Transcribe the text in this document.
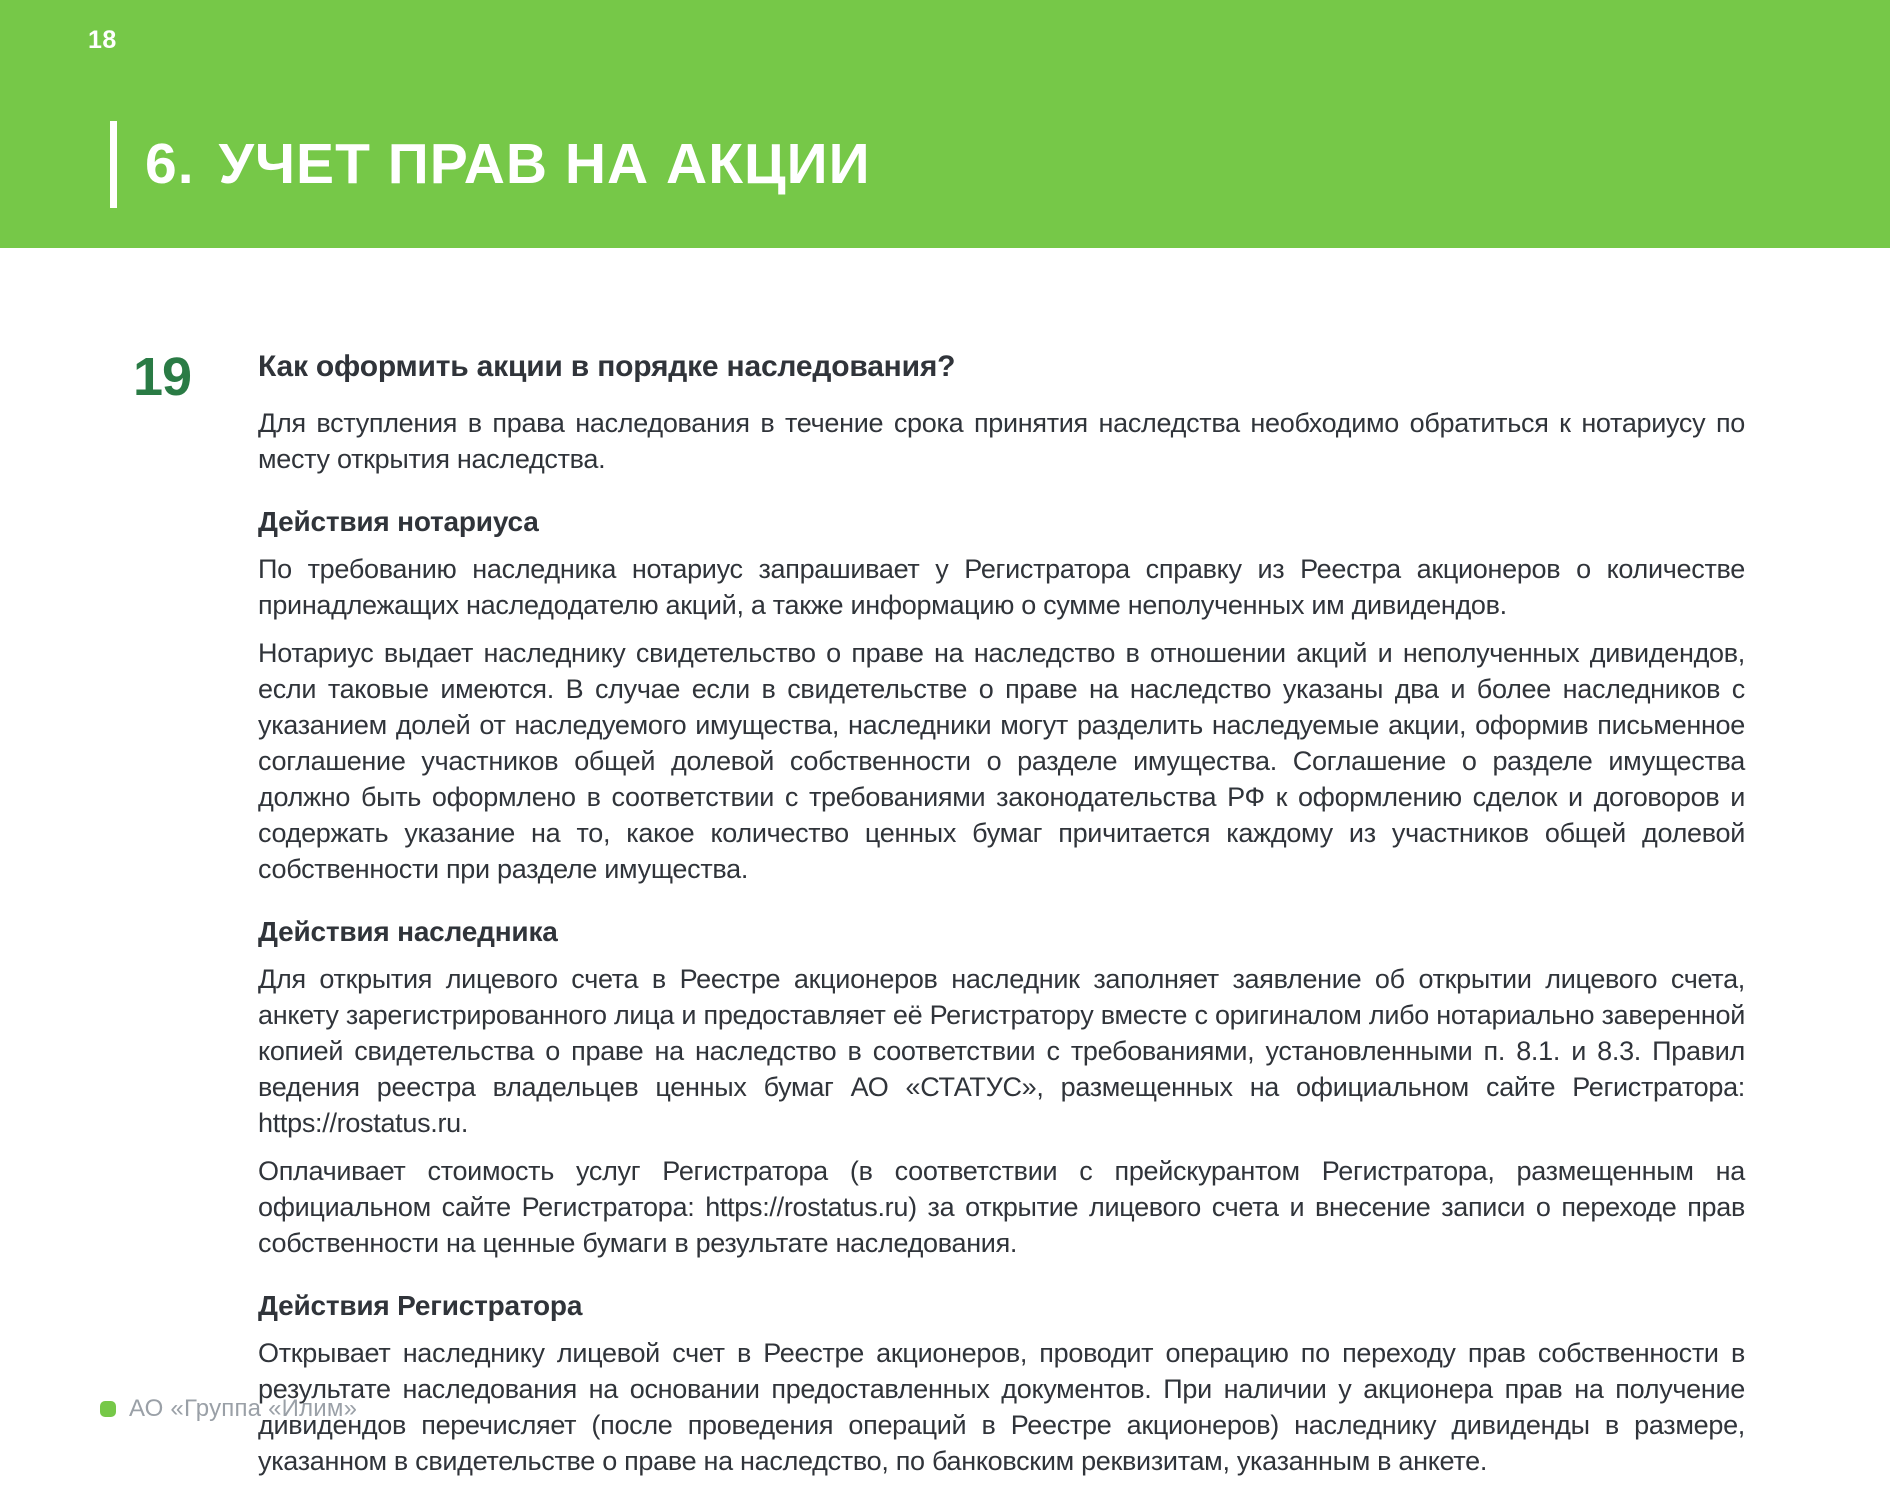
18
6. УЧЕТ ПРАВ НА АКЦИИ
19	Как оформить акции в порядке наследования?

Для вступления в права наследования в течение срока принятия наследства необходимо обратиться к нотариусу по месту открытия наследства.

Действия нотариуса

По требованию наследника нотариус запрашивает у Регистратора справку из Реестра акционеров о количестве принадлежащих наследодателю акций, а также информацию о сумме неполученных им дивидендов.

Нотариус выдает наследнику свидетельство о праве на наследство в отношении акций и неполученных дивидендов, если таковые имеются. В случае если в свидетельстве о праве на наследство указаны два и более наследников с указанием долей от наследуемого имущества, наследники могут разделить наследуемые акции, оформив письменное соглашение участников общей долевой собственности о разделе имущества. Соглашение о разделе имущества должно быть оформлено в соответствии с требованиями законодательства РФ к оформлению сделок и договоров и содержать указание на то, какое количество ценных бумаг причитается каждому из участников общей долевой собственности при разделе имущества.

Действия наследника

Для открытия лицевого счета в Реестре акционеров наследник заполняет заявление об открытии лицевого счета, анкету зарегистрированного лица и предоставляет её Регистратору вместе с оригиналом либо нотариально заверенной копией свидетельства о праве на наследство в соответствии с требованиями, установленными п. 8.1. и 8.3. Правил ведения реестра владельцев ценных бумаг АО «СТАТУС», размещенных на официальном сайте Регистратора: https://rostatus.ru.

Оплачивает стоимость услуг Регистратора (в соответствии с прейскурантом Регистратора, размещенным на официальном сайте Регистратора: https://rostatus.ru) за открытие лицевого счета и внесение записи о переходе прав собственности на ценные бумаги в результате наследования.

Действия Регистратора

Открывает наследнику лицевой счет в Реестре акционеров, проводит операцию по переходу прав собственности в результате наследования на основании предоставленных документов. При наличии у акционера прав на получение дивидендов перечисляет (после проведения операций в Реестре акционеров) наследнику дивиденды в размере, указанном в свидетельстве о праве на наследство, по банковским реквизитам, указанным в анкете.

АО «Группа «Илим»
